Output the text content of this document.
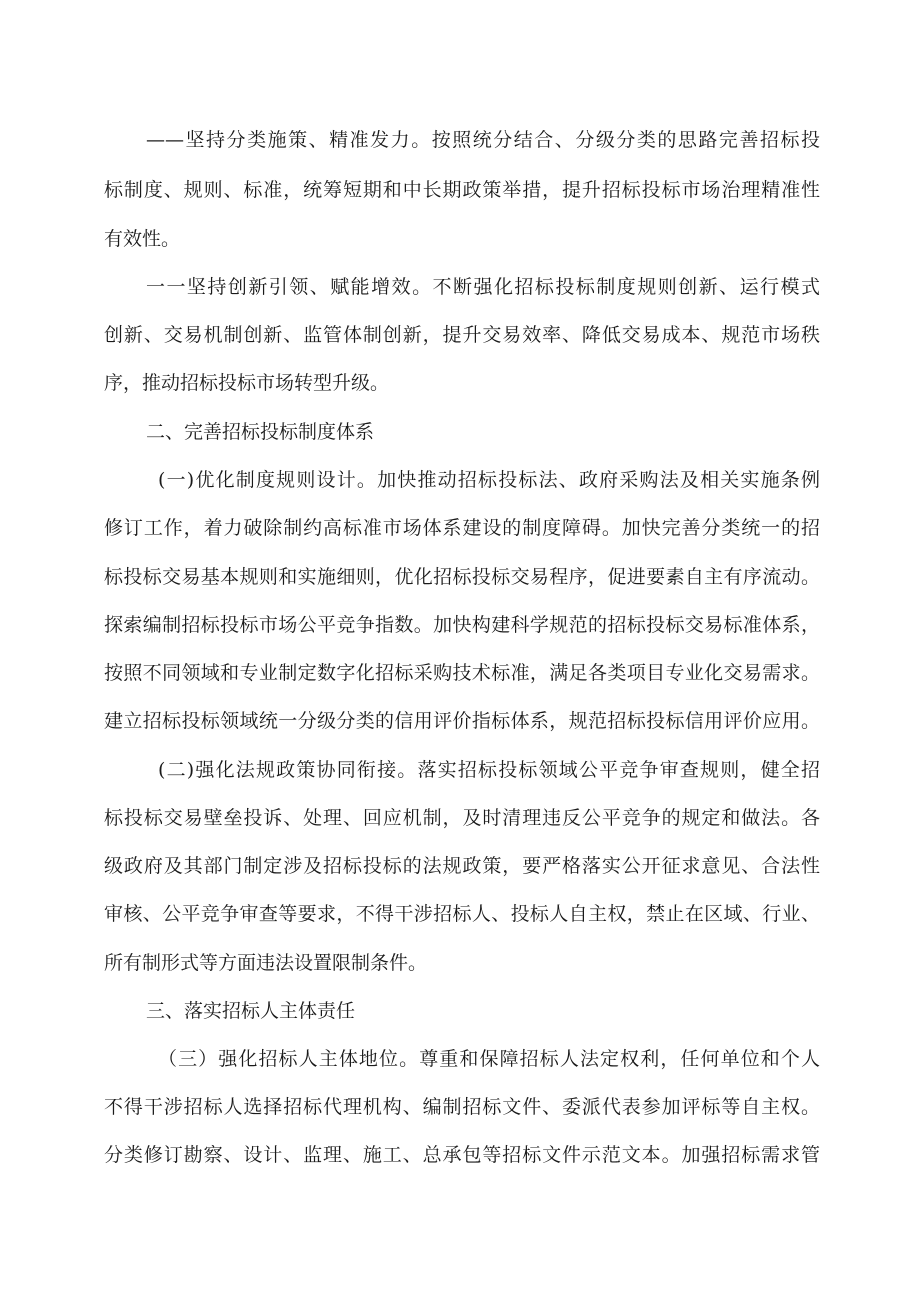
——坚持分类施策、精准发力。按照统分结合、分级分类的思路完善招标投
标制度、规则、标准，统筹短期和中长期政策举措，提升招标投标市场治理精准性
有效性。
一一坚持创新引领、赋能增效。不断强化招标投标制度规则创新、运行模式
创新、交易机制创新、监管体制创新，提升交易效率、降低交易成本、规范市场秩
序，推动招标投标市场转型升级。
二、完善招标投标制度体系
(一)优化制度规则设计。加快推动招标投标法、政府采购法及相关实施条例
修订工作，着力破除制约高标准市场体系建设的制度障碍。加快完善分类统一的招
标投标交易基本规则和实施细则，优化招标投标交易程序，促进要素自主有序流动。
探索编制招标投标市场公平竞争指数。加快构建科学规范的招标投标交易标准体系，
按照不同领域和专业制定数字化招标采购技术标准，满足各类项目专业化交易需求。
建立招标投标领域统一分级分类的信用评价指标体系，规范招标投标信用评价应用。
(二)强化法规政策协同衔接。落实招标投标领域公平竞争审查规则，健全招
标投标交易壁垒投诉、处理、回应机制，及时清理违反公平竞争的规定和做法。各
级政府及其部门制定涉及招标投标的法规政策，要严格落实公开征求意见、合法性
审核、公平竞争审查等要求，不得干涉招标人、投标人自主权，禁止在区域、行业、
所有制形式等方面违法设置限制条件。
三、落实招标人主体责任
（三）强化招标人主体地位。尊重和保障招标人法定权利，任何单位和个人
不得干涉招标人选择招标代理机构、编制招标文件、委派代表参加评标等自主权。
分类修订勘察、设计、监理、施工、总承包等招标文件示范文本。加强招标需求管
